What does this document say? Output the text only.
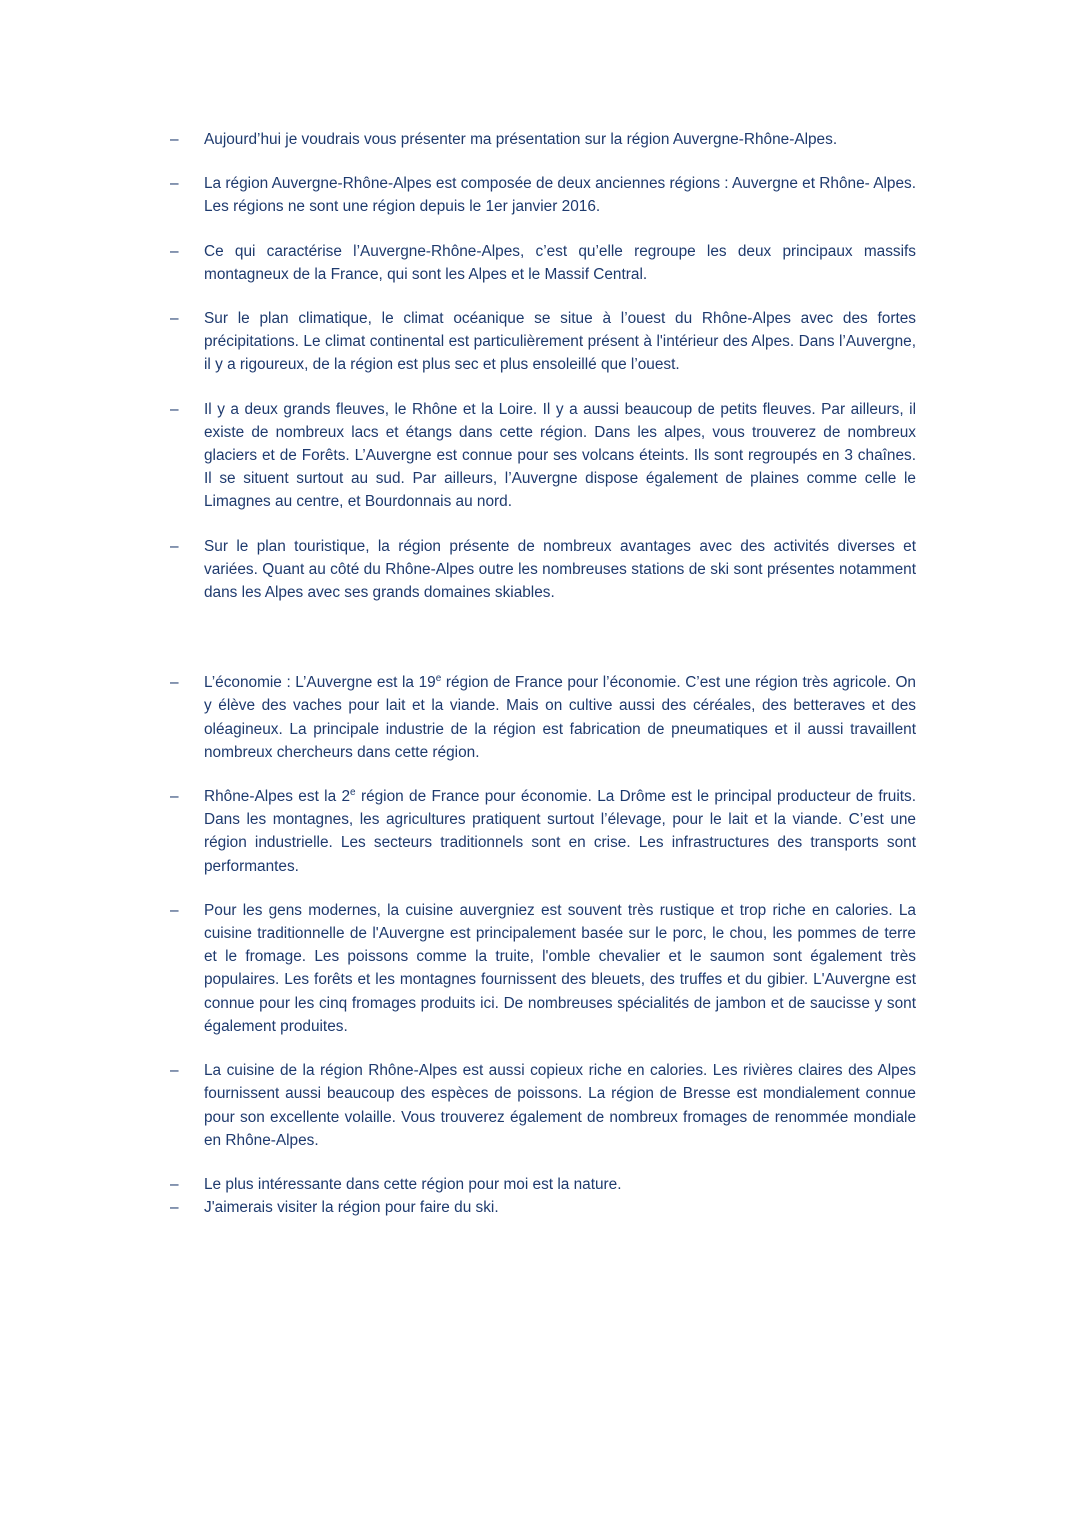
–	Aujourd’hui je voudrais vous présenter ma présentation sur la région Auvergne-Rhône-Alpes.
–	La région Auvergne-Rhône-Alpes est composée de deux anciennes régions : Auvergne et Rhône- Alpes. Les régions ne sont une région depuis le 1er janvier 2016.
–	Ce qui caractérise l’Auvergne-Rhône-Alpes, c’est qu’elle regroupe les deux principaux massifs montagneux de la France, qui sont les Alpes et le Massif Central.
–	Sur le plan climatique, le climat océanique se situe à l’ouest du Rhône-Alpes avec des fortes précipitations. Le climat continental est particulièrement présent à l'intérieur des Alpes. Dans l’Auvergne, il y a rigoureux, de la région est plus sec et plus ensoleillé que l’ouest.
–	Il y a deux grands fleuves, le Rhône et la Loire. Il y a aussi beaucoup de petits fleuves. Par ailleurs, il existe de nombreux lacs et étangs dans cette région. Dans les alpes, vous trouverez de nombreux glaciers et de Forêts. L’Auvergne est connue pour ses volcans éteints. Ils sont regroupés en 3 chaînes. Il se situent surtout au sud. Par ailleurs, l’Auvergne dispose également de plaines comme celle le Limagnes au centre, et Bourdonnais au nord.
–	Sur le plan touristique, la région présente de nombreux avantages avec des activités diverses et variées. Quant au côté du Rhône-Alpes outre les nombreuses stations de ski sont présentes notamment dans les Alpes avec ses grands domaines skiables.
–	L’économie : L’Auvergne est la 19e région de France pour l’économie. C’est une région très agricole. On y élève des vaches pour lait et la viande. Mais on cultive aussi des céréales, des betteraves et des oléagineux. La principale industrie de la région est fabrication de pneumatiques et il aussi travaillent nombreux chercheurs dans cette région.
–	Rhône-Alpes est la 2e région de France pour économie. La Drôme est le principal producteur de fruits. Dans les montagnes, les agricultures pratiquent surtout l’élevage, pour le lait et la viande. C’est une région industrielle. Les secteurs traditionnels sont en crise. Les infrastructures des transports sont performantes.
–	Pour les gens modernes, la cuisine auvergniez est souvent très rustique et trop riche en calories. La cuisine traditionnelle de l'Auvergne est principalement basée sur le porc, le chou, les pommes de terre et le fromage. Les poissons comme la truite, l'omble chevalier et le saumon sont également très populaires. Les forêts et les montagnes fournissent des bleuets, des truffes et du gibier. L'Auvergne est connue pour les cinq fromages produits ici. De nombreuses spécialités de jambon et de saucisse y sont également produites.
–	La cuisine de la région Rhône-Alpes est aussi copieux riche en calories. Les rivières claires des Alpes fournissent aussi beaucoup des espèces de poissons. La région de Bresse est mondialement connue pour son excellente volaille. Vous trouverez également de nombreux fromages de renommée mondiale en Rhône-Alpes.
–	Le plus intéressante dans cette région pour moi est la nature.
–	J'aimerais visiter la région pour faire du ski.
